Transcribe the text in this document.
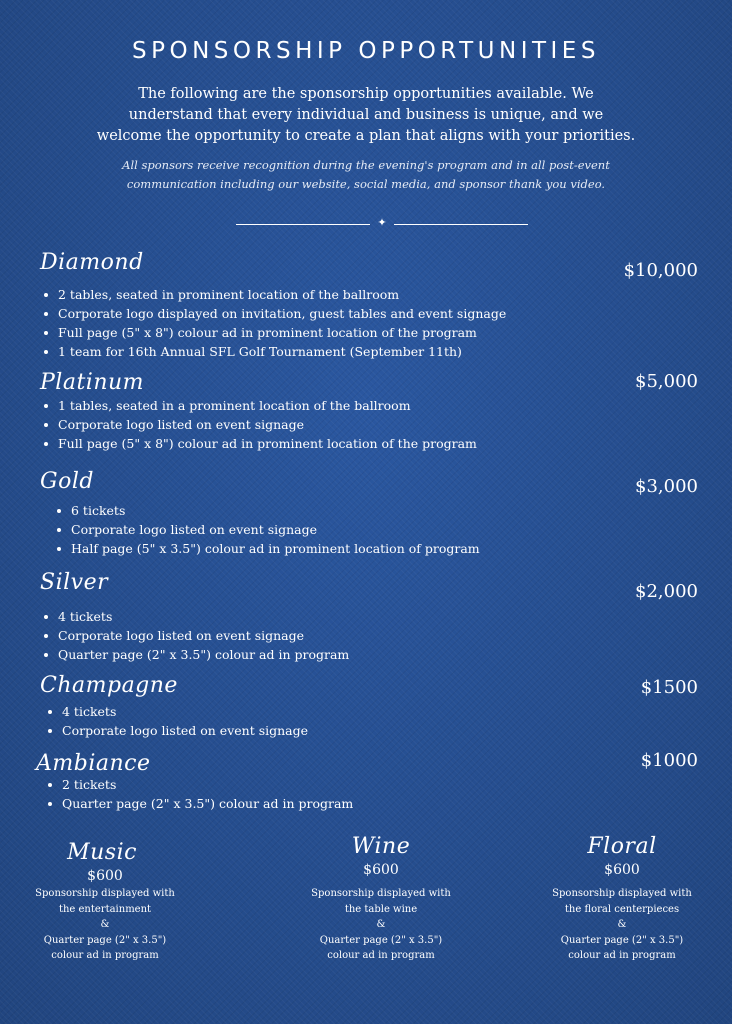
SPONSORSHIP OPPORTUNITIES
The following are the sponsorship opportunities available. We understand that every individual and business is unique, and we welcome the opportunity to create a plan that aligns with your priorities.
All sponsors receive recognition during the evening's program and in all post-event communication including our website, social media, and sponsor thank you video.
✦
Diamond	$10,000
2 tables, seated in prominent location of the ballroom
Corporate logo displayed on invitation, guest tables and event signage
Full page (5" x 8") colour ad in prominent location of the program
1 team for 16th Annual SFL Golf Tournament (September 11th)
Platinum	$5,000
1 tables, seated in a prominent location of the ballroom
Corporate logo listed on event signage
Full page (5" x 8") colour ad in prominent location of the program
Gold	$3,000
6 tickets
Corporate logo listed on event signage
Half page (5" x 3.5") colour ad in prominent location of program
Silver	$2,000
4 tickets
Corporate logo listed on event signage
Quarter page (2" x 3.5") colour ad in program
Champagne	$1500
4 tickets
Corporate logo listed on event signage
Ambiance	$1000
2 tickets
Quarter page (2" x 3.5") colour ad in program
Music
$600
Sponsorship displayed with
the entertainment
&
Quarter page (2" x 3.5")
colour ad in program
Wine
$600
Sponsorship displayed with
the table wine
&
Quarter page (2" x 3.5")
colour ad in program
Floral
$600
Sponsorship displayed with
the floral centerpieces
&
Quarter page (2" x 3.5")
colour ad in program
